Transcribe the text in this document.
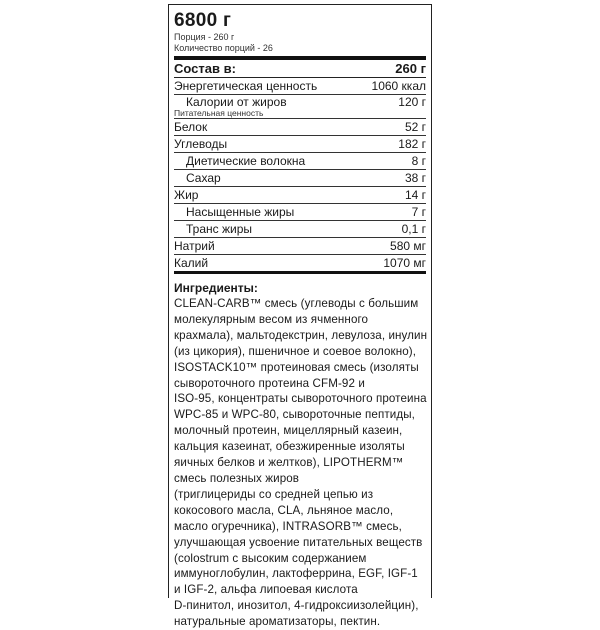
6800 г
Порция - 260 г
Количество порций - 26
Состав в:	260 г
Энергетическая ценность	1060 ккал
Калории от жиров	120 г
Питательная ценность
Белок	52 г
Углеводы	182 г
Диетические волокна	8 г
Сахар	38 г
Жир	14 г
Насыщенные жиры	7 г
Транс жиры	0,1 г
Натрий	580 мг
Калий	1070 мг
Ингредиенты:
CLEAN-CARB™ смесь (углеводы с большим
молекулярным весом из ячменного
крахмала), мальтодекстрин, левулоза, инулин
(из цикория), пшеничное и соевое волокно),
ISOSTACK10™ протеиновая смесь (изоляты
сывороточного протеина CFM-92 и
ISO-95, концентраты сывороточного протеина
WPC-85 и WPC-80, сывороточные пептиды,
молочный протеин, мицеллярный казеин,
кальция казеинат, обезжиренные изоляты
яичных белков и желтков), LIPOTHERM™
смесь полезных жиров
(триглицериды со средней цепью из
кокосового масла, CLA, льняное масло,
масло огуречника), INTRASORB™ смесь,
улучшающая усвоение питательных веществ
(colostrum с высоким содержанием
иммуноглобулин, лактоферрина, EGF, IGF-1
и IGF-2, альфа липоевая кислота
D-пинитол, инозитол, 4-гидроксиизолейцин),
натуральные ароматизаторы, пектин.
